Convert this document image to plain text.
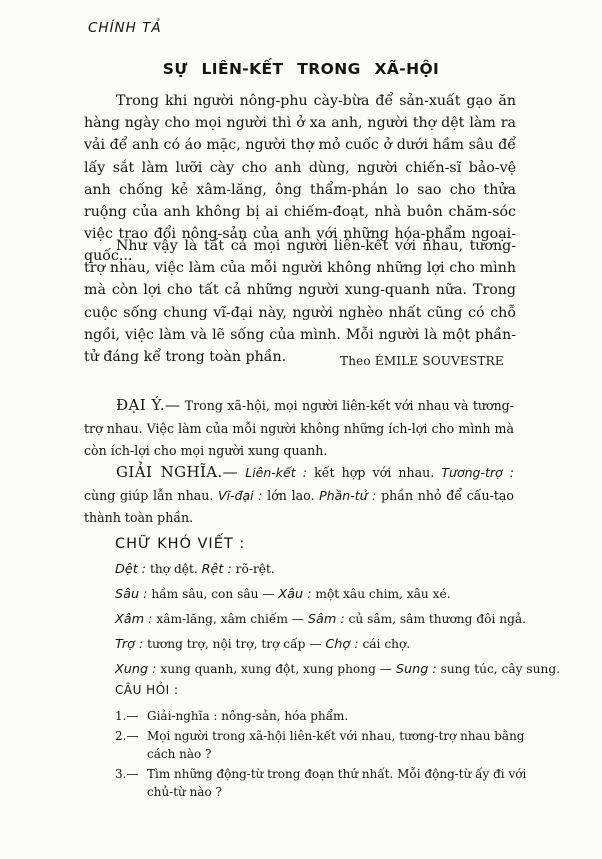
CHÍNH TẢ
SỰ LIÊN-KẾT TRONG XÃ-HỘI

Trong khi người nông-phu cày-bừa để sản-xuất gạo ăn hàng ngày cho mọi người thì ở xa anh, người thợ dệt làm ra vải để anh có áo mặc, người thợ mỏ cuốc ở dưới hầm sâu để lấy sắt làm lưỡi cày cho anh dùng, người chiến-sĩ bảo-vệ anh chống kẻ xâm-lăng, ông thẩm-phán lo sao cho thửa ruộng của anh không bị ai chiếm-đoạt, nhà buôn chăm-sóc việc trao đổi nông-sản của anh với những hóa-phẩm ngoại-quốc...

Như vậy là tất cả mọi người liên-kết với nhau, tương-trợ nhau, việc làm của mỗi người không những lợi cho mình mà còn lợi cho tất cả những người xung-quanh nữa. Trong cuộc sống chung vĩ-đại này, người nghèo nhất cũng có chỗ ngồi, việc làm và lẽ sống của mình. Mỗi người là một phần-tử đáng kể trong toàn phần.	Theo ÉMILE SOUVESTRE

ĐẠI Ý.— Trong xã-hội, mọi người liên-kết với nhau và tương-trợ nhau. Việc làm của mỗi người không những ích-lợi cho mình mà còn ích-lợi cho mọi người xung quanh.

GIẢI NGHĨA.— Liên-kết : kết hợp với nhau. Tương-trợ : cùng giúp lẫn nhau. Vĩ-đại : lớn lao. Phần-tử : phần nhỏ để cấu-tạo thành toàn phần.

CHỮ KHÓ VIẾT :
Dệt : thợ dệt. Rệt : rõ-rệt.
Sâu : hầm sâu, con sâu — Xâu : một xâu chim, xâu xé.
Xâm : xâm-lăng, xâm chiếm — Sâm : củ sâm, sâm thương đôi ngả.
Trợ : tương trợ, nội trợ, trợ cấp — Chợ : cái chợ.
Xung : xung quanh, xung đột, xung phong — Sung : sung túc, cây sung.
CÂU HỎI :
1.— Giải-nghĩa : nông-sản, hóa phẩm.
2.— Mọi người trong xã-hội liên-kết với nhau, tương-trợ nhau bằng cách nào ?
3.— Tìm những động-từ trong đoạn thứ nhất. Mỗi động-từ ấy đi với chủ-từ nào ?
